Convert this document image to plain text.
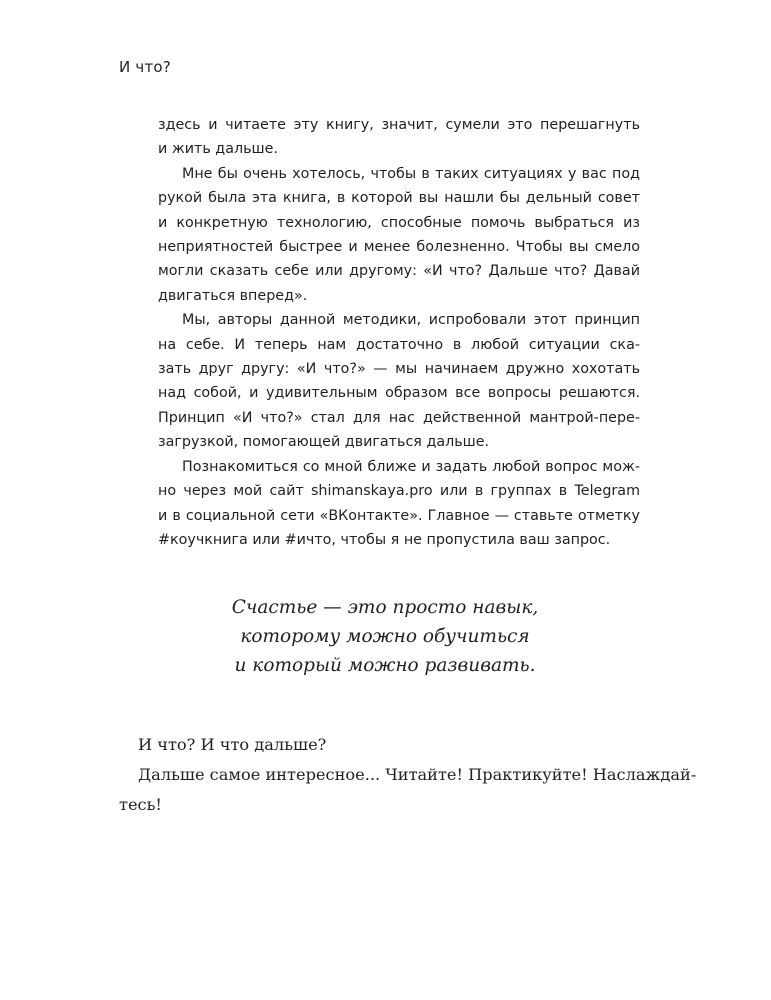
И что?
здесь и читаете эту книгу, значит, сумели это перешагнуть
и жить дальше.
Мне бы очень хотелось, чтобы в таких ситуациях у вас под
рукой была эта книга, в которой вы нашли бы дельный совет
и конкретную технологию, способные помочь выбраться из
неприятностей быстрее и менее болезненно. Чтобы вы смело
могли сказать себе или другому: «И что? Дальше что? Давай
двигаться вперед».
Мы, авторы данной методики, испробовали этот принцип
на себе. И теперь нам достаточно в любой ситуации ска-
зать друг другу: «И что?» — мы начинаем дружно хохотать
над собой, и удивительным образом все вопросы решаются.
Принцип «И что?» стал для нас действенной мантрой-пере-
загрузкой, помогающей двигаться дальше.
Познакомиться со мной ближе и задать любой вопрос мож-
но через мой сайт shimanskaya.pro или в группах в Telegram
и в социальной сети «ВКонтакте». Главное — ставьте отметку
#коучкнига или #ичто, чтобы я не пропустила ваш запрос.
Счастье — это просто навык,
которому можно обучиться
и который можно развивать.
И что? И что дальше?
Дальше самое интересное... Читайте! Практикуйте! Наслаждай-
тесь!
